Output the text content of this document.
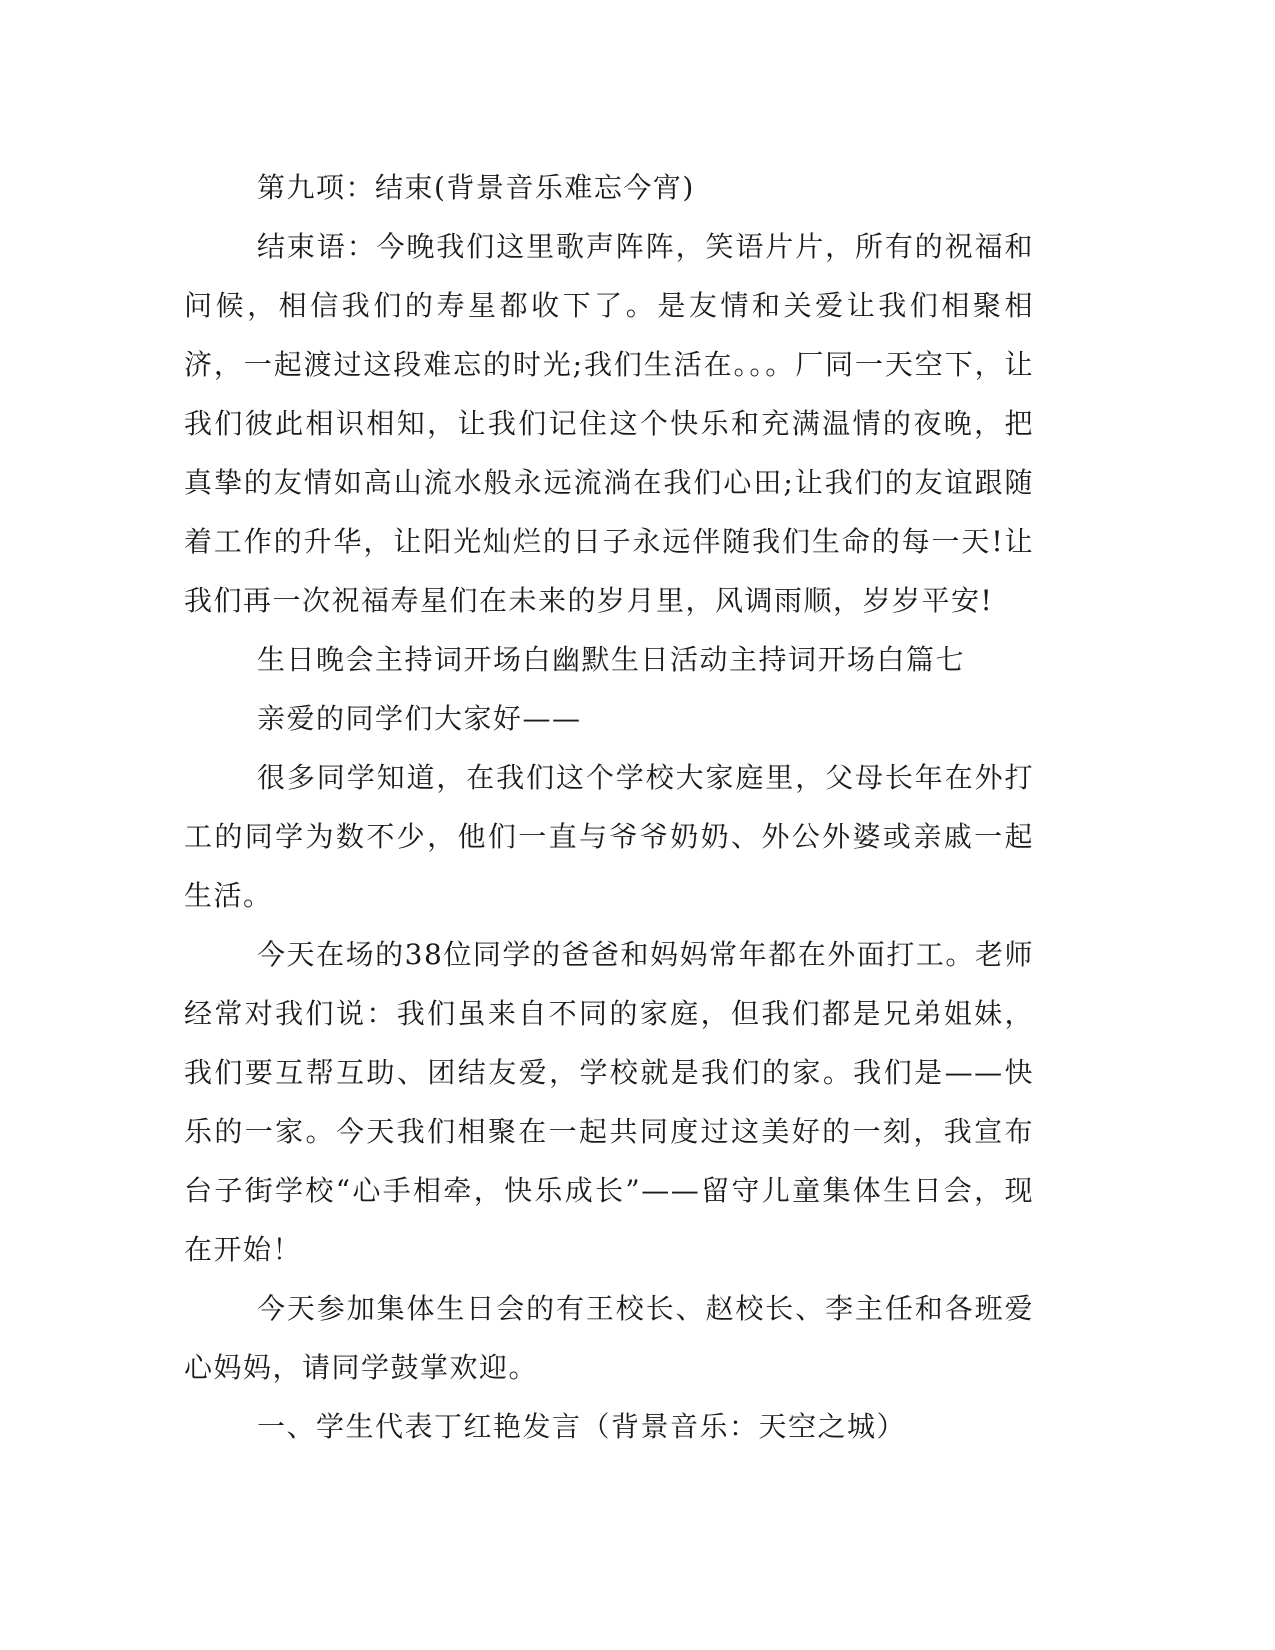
第九项：结束(背景音乐难忘今宵)

结束语：今晚我们这里歌声阵阵，笑语片片，所有的祝福和问候，相信我们的寿星都收下了。是友情和关爱让我们相聚相济，一起渡过这段难忘的时光;我们生活在。。。厂同一天空下，让我们彼此相识相知，让我们记住这个快乐和充满温情的夜晚，把真挚的友情如高山流水般永远流淌在我们心田;让我们的友谊跟随着工作的升华，让阳光灿烂的日子永远伴随我们生命的每一天!让我们再一次祝福寿星们在未来的岁月里，风调雨顺，岁岁平安!

生日晚会主持词开场白幽默生日活动主持词开场白篇七

亲爱的同学们大家好——

很多同学知道，在我们这个学校大家庭里，父母长年在外打工的同学为数不少，他们一直与爷爷奶奶、外公外婆或亲戚一起生活。

今天在场的38位同学的爸爸和妈妈常年都在外面打工。老师经常对我们说：我们虽来自不同的家庭，但我们都是兄弟姐妹，我们要互帮互助、团结友爱，学校就是我们的家。我们是——快乐的一家。今天我们相聚在一起共同度过这美好的一刻，我宣布台子街学校“心手相牵，快乐成长”——留守儿童集体生日会，现在开始！

今天参加集体生日会的有王校长、赵校长、李主任和各班爱心妈妈，请同学鼓掌欢迎。

一、学生代表丁红艳发言（背景音乐：天空之城）
